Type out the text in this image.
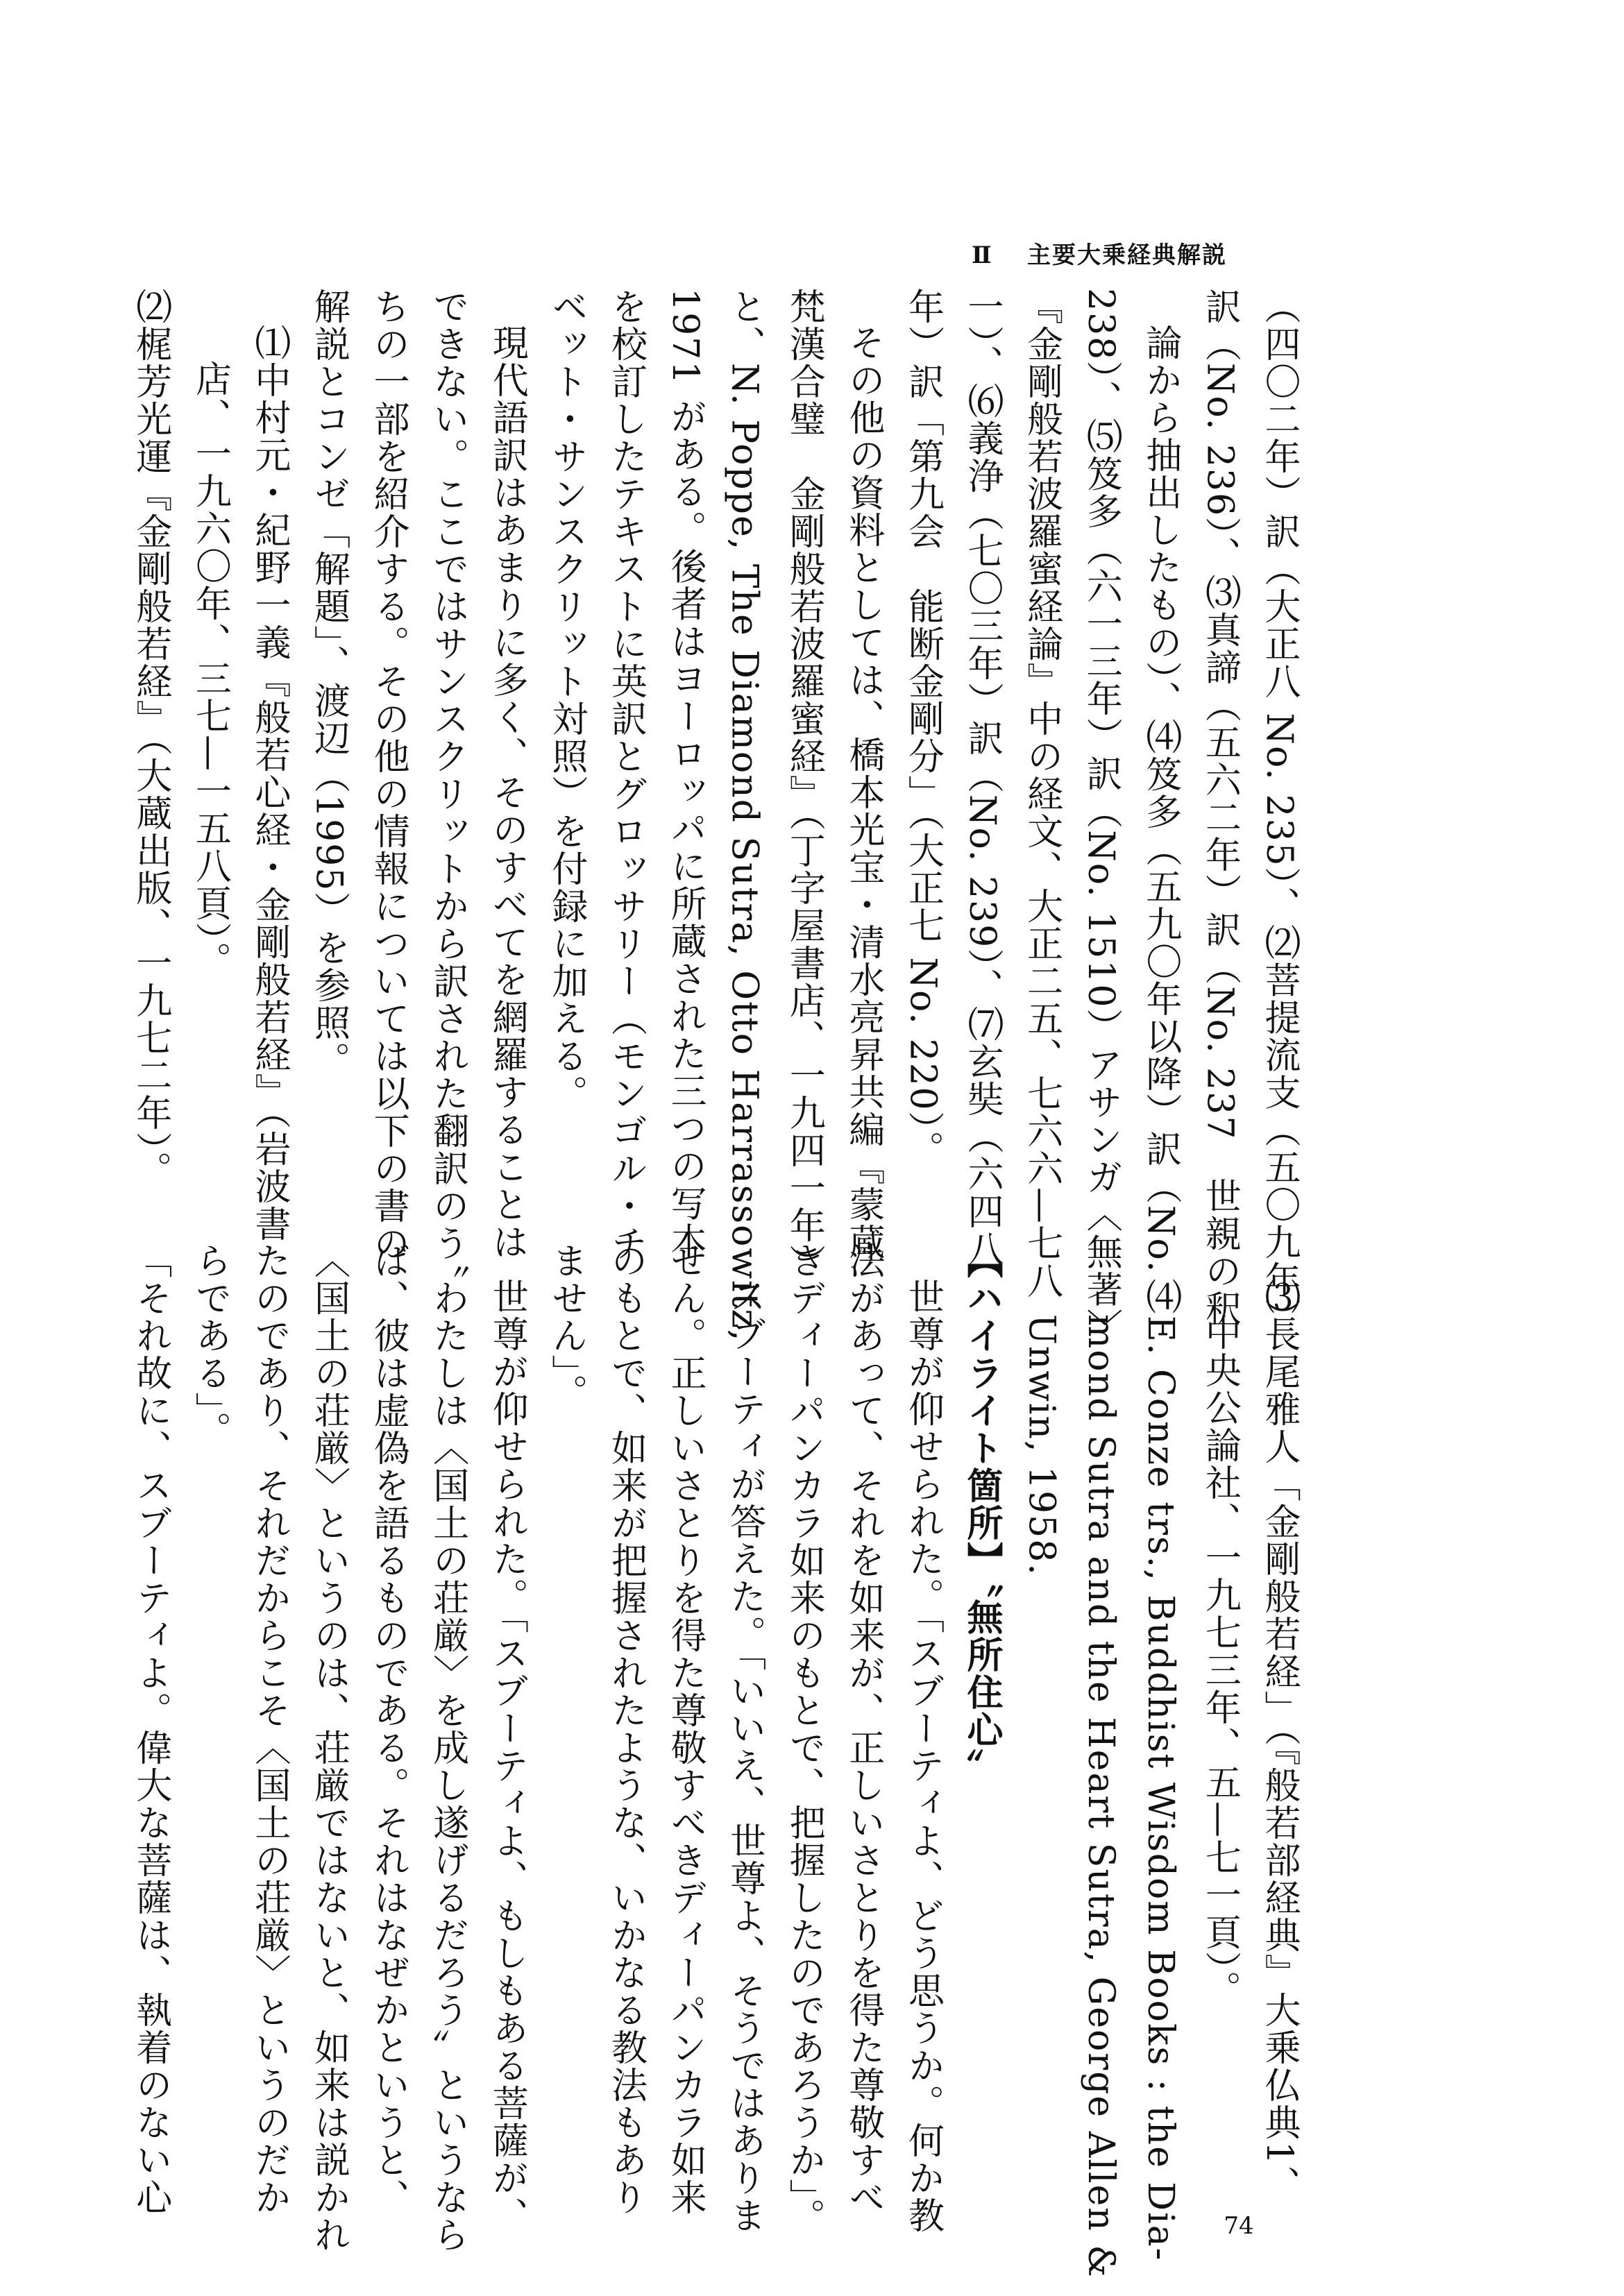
Ⅱ 主要大乗経典解説
（四〇二年）訳（大正八 No. 235）、⑵菩提流支（五〇九年）
訳（No. 236）、⑶真諦（五六二年）訳（No. 237　世親の釈
論から抽出したもの）、⑷笈多（五九〇年以降）訳（No.
238）、⑸笈多（六一三年）訳（No. 1510）アサンガ〈無著〉
『金剛般若波羅蜜経論』中の経文、大正二五、七六六—七八
一）、⑹義浄（七〇三年）訳（No. 239）、⑺玄奘（六四八
年）訳「第九会　能断金剛分」（大正七 No. 220）。
その他の資料としては、橋本光宝・清水亮昇共編『蒙蔵
梵漢合璧　金剛般若波羅蜜経』（丁字屋書店、一九四一年）
と、N. Poppe, The Diamond Sutra, Otto Harrassowitz,
1971 がある。後者はヨーロッパに所蔵された三つの写本
を校訂したテキストに英訳とグロッサリー（モンゴル・チ
ベット・サンスクリット対照）を付録に加える。
現代語訳はあまりに多く、そのすべてを網羅することは
できない。ここではサンスクリットから訳された翻訳のう
ちの一部を紹介する。その他の情報については以下の書の
解説とコンゼ「解題」、渡辺（1995）を参照。
⑴中村元・紀野一義『般若心経・金剛般若経』（岩波書
店、一九六〇年、三七—一五八頁）。
⑵梶芳光運『金剛般若経』（大蔵出版、一九七二年）。
⑶長尾雅人「金剛般若経」（『般若部経典』大乗仏典1、
中央公論社、一九七三年、五—七一頁）。
⑷E. Conze trs., Buddhist Wisdom Books : the Dia-
mond Sutra and the Heart Sutra, George Allen &
Unwin, 1958.
【ハイライト箇所】〝無所住心〟
世尊が仰せられた。「スブーティよ、どう思うか。何か教
法があって、それを如来が、正しいさとりを得た尊敬すべ
きディーパンカラ如来のもとで、把握したのであろうか」。
スブーティが答えた。「いいえ、世尊よ、そうではありま
せん。正しいさとりを得た尊敬すべきディーパンカラ如来
のもとで、如来が把握されたような、いかなる教法もあり
ません」。
世尊が仰せられた。「スブーティよ、もしもある菩薩が、
〝わたしは〈国土の荘厳〉を成し遂げるだろう〟というなら
ば、彼は虚偽を語るものである。それはなぜかというと、
〈国土の荘厳〉というのは、荘厳ではないと、如来は説かれ
たのであり、それだからこそ〈国土の荘厳〉というのだか
らである」。
「それ故に、スブーティよ。偉大な菩薩は、執着のない心
74
